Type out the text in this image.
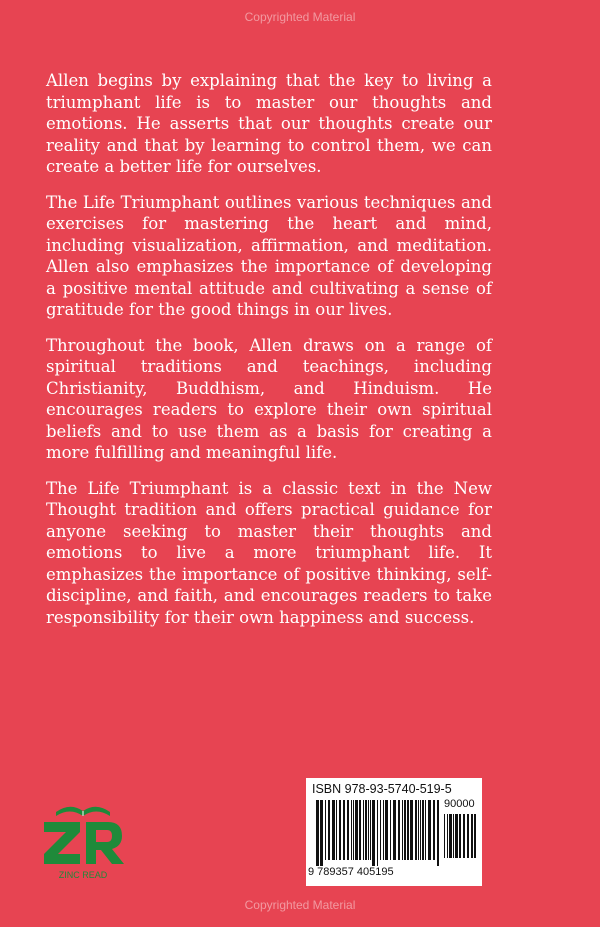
Copyrighted Material

Allen begins by explaining that the key to living a triumphant life is to master our thoughts and emotions. He asserts that our thoughts create our reality and that by learning to control them, we can create a better life for ourselves.

The Life Triumphant outlines various techniques and exercises for mastering the heart and mind, including visualization, affirmation, and meditation. Allen also emphasizes the importance of developing a positive mental attitude and cultivating a sense of gratitude for the good things in our lives.

Throughout the book, Allen draws on a range of spiritual traditions and teachings, including Christianity, Buddhism, and Hinduism. He encourages readers to explore their own spiritual beliefs and to use them as a basis for creating a more fulfilling and meaningful life.

The Life Triumphant is a classic text in the New Thought tradition and offers practical guidance for anyone seeking to master their thoughts and emotions to live a more triumphant life. It emphasizes the importance of positive thinking, self-discipline, and faith, and encourages readers to take responsibility for their own happiness and success.

ZINC READ
ISBN 978-93-5740-519-5
90000
9 789357 405195
Copyrighted Material
